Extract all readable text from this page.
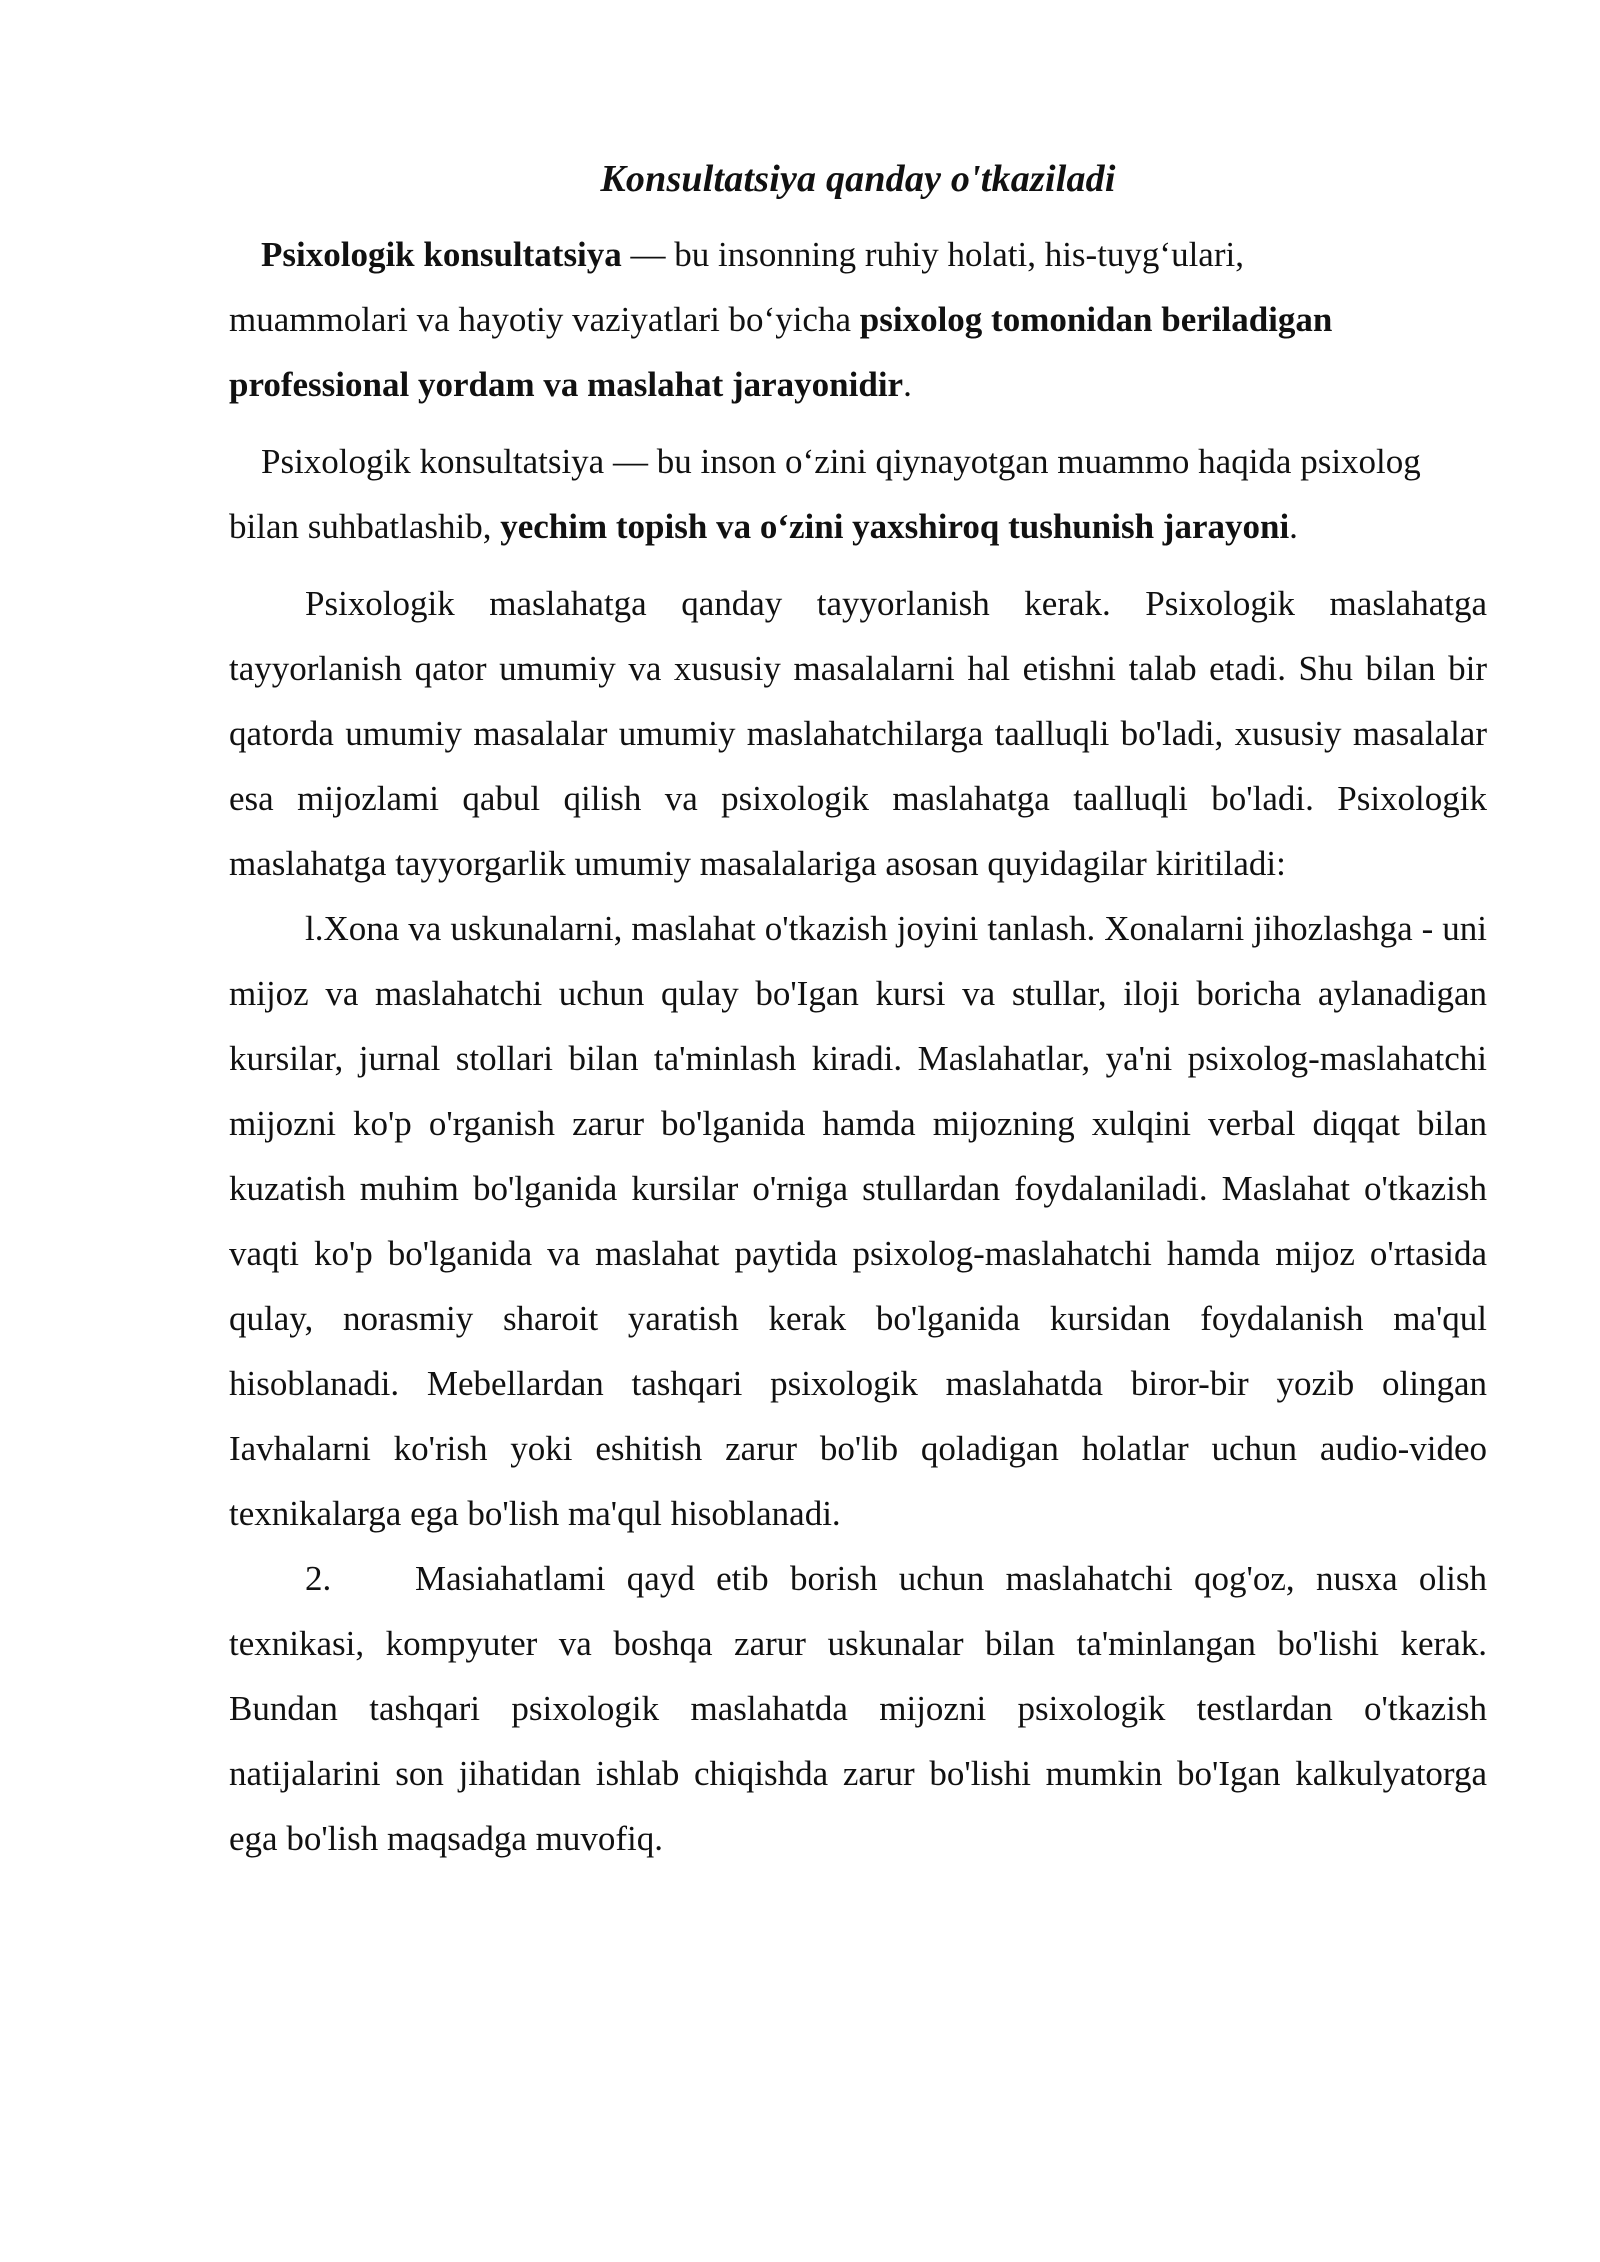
Konsultatsiya qanday o'tkaziladi

Psixologik konsultatsiya — bu insonning ruhiy holati, his-tuyg‘ulari, muammolari va hayotiy vaziyatlari bo‘yicha psixolog tomonidan beriladigan professional yordam va maslahat jarayonidir.

Psixologik konsultatsiya — bu inson o‘zini qiynayotgan muammo haqida psixolog bilan suhbatlashib, yechim topish va o‘zini yaxshiroq tushunish jarayoni.

Psixologik maslahatga qanday tayyorlanish kerak. Psixologik maslahatga tayyorlanish qator umumiy va xususiy masalalarni hal etishni talab etadi. Shu bilan bir qatorda umumiy masalalar umumiy maslahatchilarga taalluqli bo'ladi, xususiy masalalar esa mijozlami qabul qilish va psixologik maslahatga taalluqli bo'ladi. Psixologik maslahatga tayyorgarlik umumiy masalalariga asosan quyidagilar kiritiladi:

l.Xona va uskunalarni, maslahat o'tkazish joyini tanlash. Xonalarni jihozlashga - uni mijoz va maslahatchi uchun qulay bo'Igan kursi va stullar, iloji boricha aylanadigan kursilar, jurnal stollari bilan ta'minlash kiradi. Maslahatlar, ya'ni psixolog-maslahatchi mijozni ko'p o'rganish zarur bo'lganida hamda mijozning xulqini verbal diqqat bilan kuzatish muhim bo'lganida kursilar o'rniga stullardan foydalaniladi. Maslahat o'tkazish vaqti ko'p bo'lganida va maslahat paytida psixolog-maslahatchi hamda mijoz o'rtasida qulay, norasmiy sharoit yaratish kerak bo'lganida kursidan foydalanish ma'qul hisoblanadi. Mebellardan tashqari psixologik maslahatda biror-bir yozib olingan Iavhalarni ko'rish yoki eshitish zarur bo'lib qoladigan holatlar uchun audio-video texnikalarga ega bo'lish ma'qul hisoblanadi.

2. Masiahatlami qayd etib borish uchun maslahatchi qog'oz, nusxa olish texnikasi, kompyuter va boshqa zarur uskunalar bilan ta'minlangan bo'lishi kerak. Bundan tashqari psixologik maslahatda mijozni psixologik testlardan o'tkazish natijalarini son jihatidan ishlab chiqishda zarur bo'lishi mumkin bo'Igan kalkulyatorga ega bo'lish maqsadga muvofiq.
